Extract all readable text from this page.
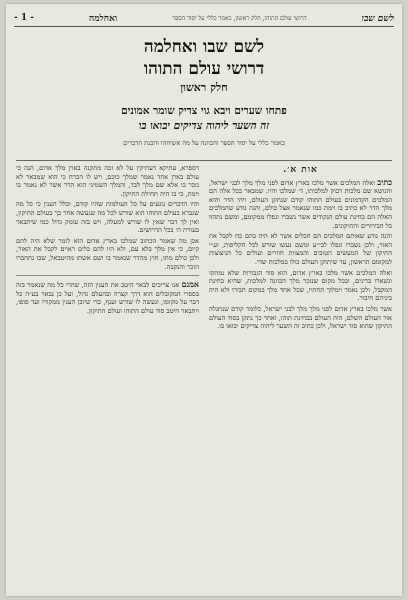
לשם שבו
דרושי עולם התוהו, חלק ראשון, כאמר כללי על יסוד הספר
ואחלמה
- 1 -
לשם שבו ואחלמה
דרושי עולם התוהו
חלק ראשון
פתחו שערים ויבא גוי צדיק שומר אמונים
זה השער ליהוה צדיקים יבואו בו
כאמר כללי על יסוד הספר והכוונה על מה אשיחהו והבנת הדברים
אות א׳.

כתיב ואלה המלכים אשר מלכו בארץ אדום לפני מלך מלך לבני ישראל, והנושא שם מלכות דבוק למלכותו, ד׳ שמלכו והיו. שמבאר בכל אלה הם המלכים הקדמונים בעולם התוהו קודם שנתקן העולם, ויהי הדר והוא מלך הדר לא כתיב בו וימת כמו שנאמר אצל כולם, והנה נודע שהמלכים האלה הם בחינת עולם הנקודים אשר נשברו ונפלו ממקומם, ומשם נתהוו כל הבירורים והתיקונים.

והנה נודע שאותם המלכים הם הכלים אשר לא היה בהם כח לקבל את האור, ולכן נשברו ונפלו לבי״ע ומשם נעשו שורש לכל הקליפות, וע״י התיקון של המעשים הטובים והמצוות חוזרים ועולים כל הניצוצות למקומם הראשון, עד שיתוקן העולם כולו במלכות שדי.

ואלה המלכים אשר מלכו בארץ אדום, הוא סוד הגבורות שלא נמתקו ונשארו בדינים, ובכל מקום שנזכר מלך הכוונה למלכות, שהיא בחינת המקבל, ולכן נאמר וימלוך תחתיו, שכל אחד מלך במקום חבירו ולא היה ביניהם חיבור.

אשר מלכו בארץ אדום לפני מלך מלך לבני ישראל, כלומר קודם שנתגלה אור העולם השלם, היה העולם בבחינת תוהו, ואחר כך נתקן בסוד העולם התיקון שהוא סוד ישראל, ולכן כתיב זה השער ליהוה צדיקים יבואו בו.

דספרא, עתיקא דעתיקין על לא זכה מתקנה בארן מלך אדום, הנה כי עולם בארן אחד נאמר שמלך כוכם, ויש לו הכרח כי הוא שמבאר לא נזכר בו אלא שם מלך לבד, והמלך השמיני הוא הדר אשר לא נאמר בו וימת, כי בו היה תחילת התיקון.

והיו הדברים נוגעים על כל העולמות שהיו קודם, וכלל הענין כי כל מה שנברא בעולם התוהו הוא שורש לכל מה שנעשה אחר כך בעולם התיקון, ואין לך דבר שאין לו שורש למעלה, ויש בזה עומק גדול כמו שיתבאר בעזרת ה׳ בכל הדרושים.

אכן מה שאמר הכתוב שמלכו בארץ אדום הוא לומר שלא היה להם קיום, כי אין מלך בלא עם, ולא היו להם כלים ראוים לקבל את האור, ולכן כולם מתו, חוץ מהדר שנאמר בו ושם אשתו מהיטבאל, שבו נתחברו הזכר והנקבה.

אמנם אנו צריכים לבאר היטב את הענין הזה, שהרי כל מה שנאמר בזה בספרי המקובלים הוא דרך קצרה ובהעלם גדול, ועל כן נבאר בע״ה כל דבר על מקומו, ונעשה לו שורש וענף, כדי שיובן הענין ממקורו ועד סופו, ויתבאר היטב סוד עולם התוהו ועולם התיקון.
